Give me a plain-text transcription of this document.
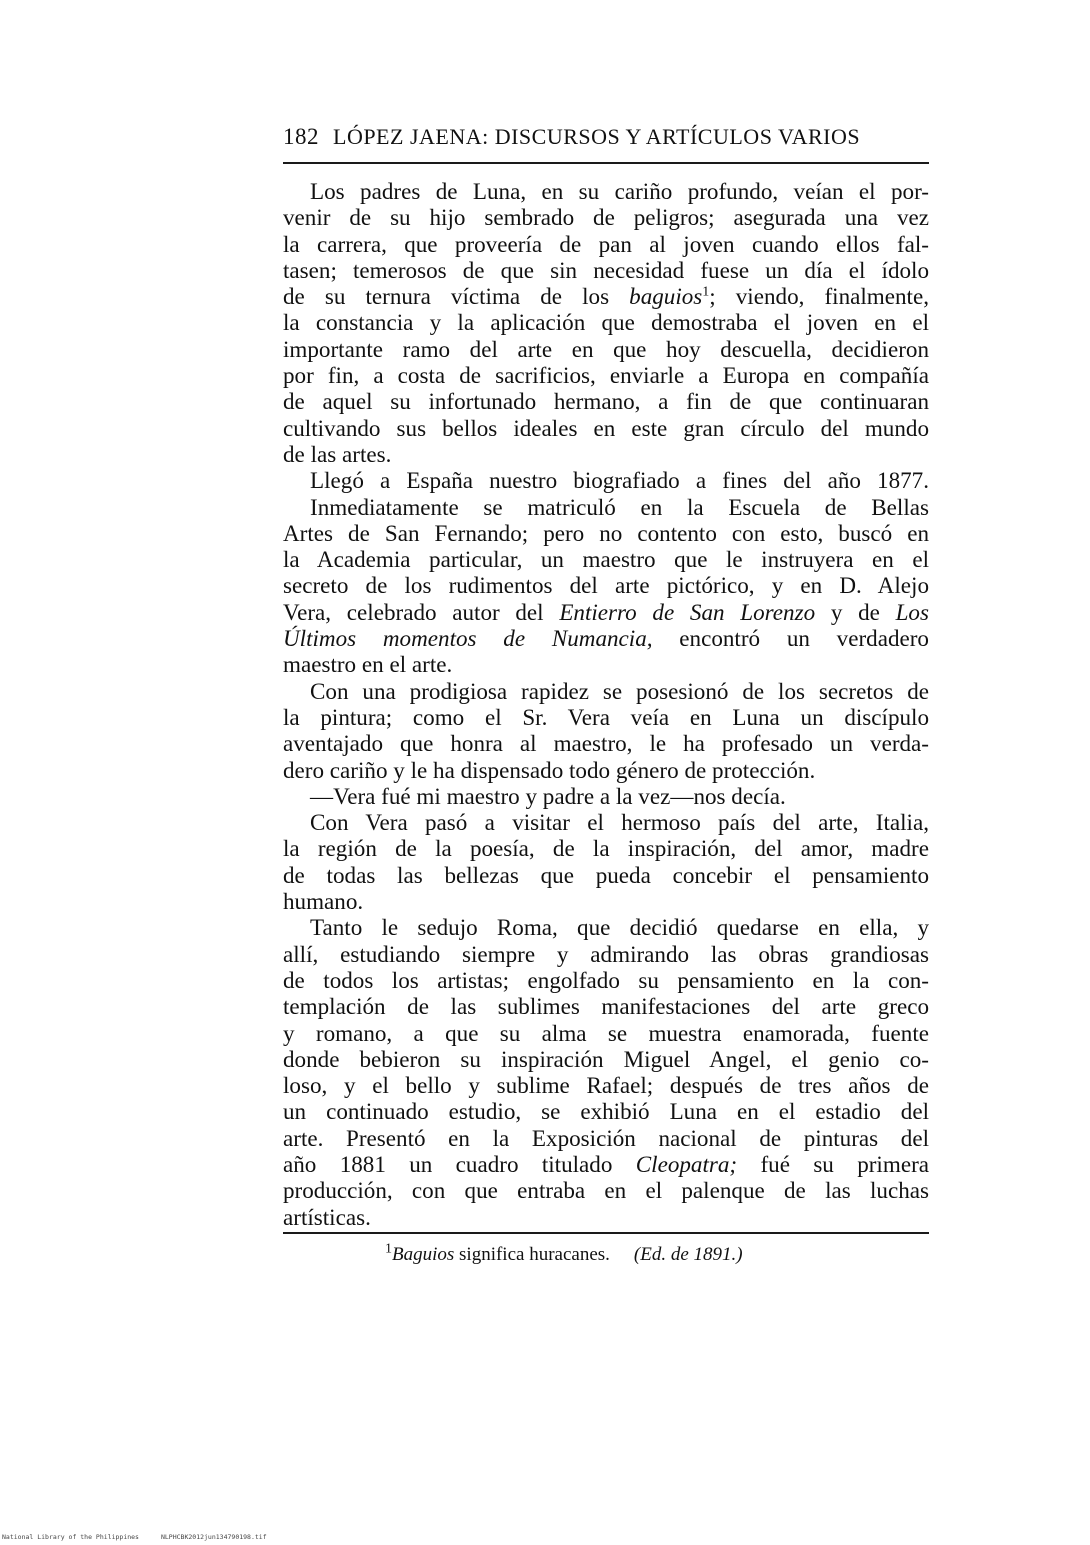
182 LÓPEZ JAENA: DISCURSOS Y ARTÍCULOS VARIOS
Los padres de Luna, en su cariño profundo, veían el por-
venir de su hijo sembrado de peligros; asegurada una vez
la carrera, que proveería de pan al joven cuando ellos fal-
tasen; temerosos de que sin necesidad fuese un día el ídolo
de su ternura víctima de los baguios$^1$; viendo, finalmente,
la constancia y la aplicación que demostraba el joven en el
importante ramo del arte en que hoy descuella, decidieron
por fin, a costa de sacrificios, enviarle a Europa en compañía
de aquel su infortunado hermano, a fin de que continuaran
cultivando sus bellos ideales en este gran círculo del mundo
de las artes.
Llegó a España nuestro biografiado a fines del año 1877.
Inmediatamente se matriculó en la Escuela de Bellas
Artes de San Fernando; pero no contento con esto, buscó en
la Academia particular, un maestro que le instruyera en el
secreto de los rudimentos del arte pictórico, y en D. Alejo
Vera, celebrado autor del Entierro de San Lorenzo y de Los
Últimos momentos de Numancia, encontró un verdadero
maestro en el arte.
Con una prodigiosa rapidez se posesionó de los secretos de
la pintura; como el Sr. Vera veía en Luna un discípulo
aventajado que honra al maestro, le ha profesado un verda-
dero cariño y le ha dispensado todo género de protección.
—Vera fué mi maestro y padre a la vez—nos decía.
Con Vera pasó a visitar el hermoso país del arte, Italia,
la región de la poesía, de la inspiración, del amor, madre
de todas las bellezas que pueda concebir el pensamiento
humano.
Tanto le sedujo Roma, que decidió quedarse en ella, y
allí, estudiando siempre y admirando las obras grandiosas
de todos los artistas; engolfado su pensamiento en la con-
templación de las sublimes manifestaciones del arte greco
y romano, a que su alma se muestra enamorada, fuente
donde bebieron su inspiración Miguel Angel, el genio co-
loso, y el bello y sublime Rafael; después de tres años de
un continuado estudio, se exhibió Luna en el estadio del
arte. Presentó en la Exposición nacional de pinturas del
año 1881 un cuadro titulado Cleopatra; fué su primera
producción, con que entraba en el palenque de las luchas
artísticas.
$^1$Baguios significa huracanes. (Ed. de 1891.)
National Library of the Philippines	NLPHCBK2012jun134790198.tif
